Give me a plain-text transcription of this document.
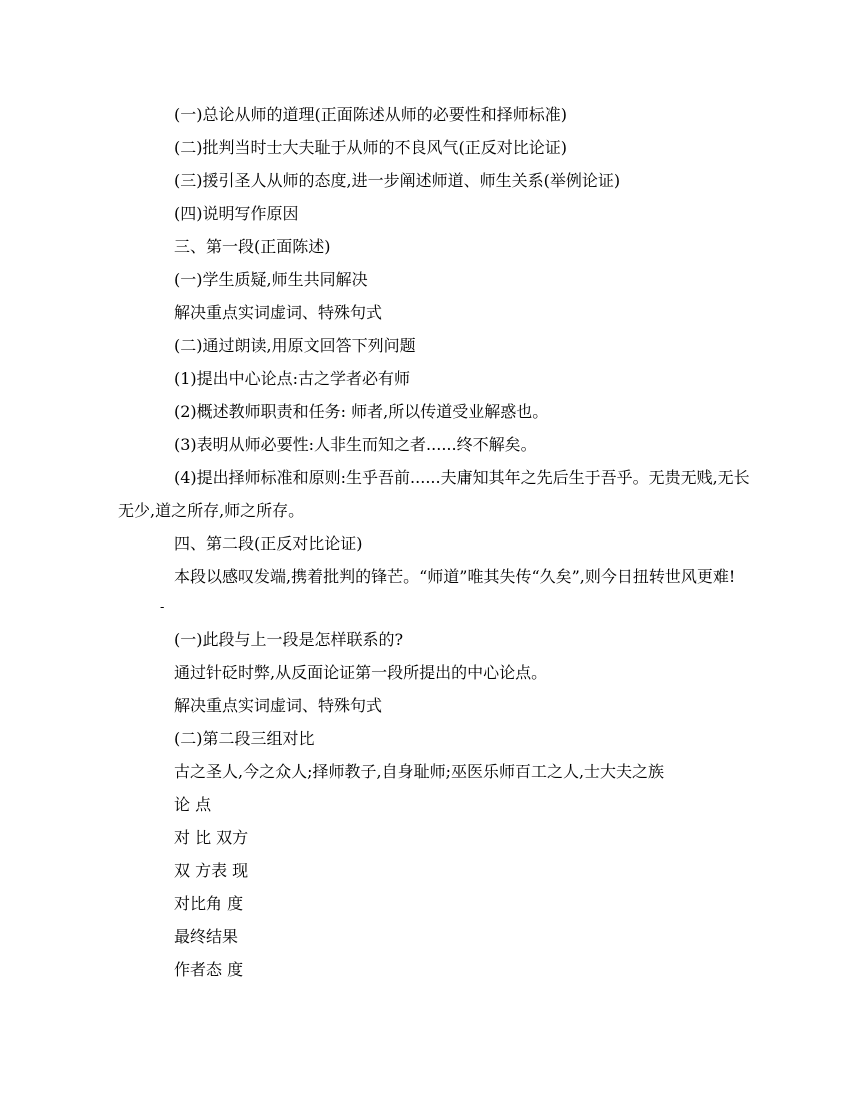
(一)总论从师的道理(正面陈述从师的必要性和择师标准)

(二)批判当时士大夫耻于从师的不良风气(正反对比论证)

(三)援引圣人从师的态度,进一步阐述师道、师生关系(举例论证)

(四)说明写作原因

三、第一段(正面陈述)

(一)学生质疑,师生共同解决

解决重点实词虚词、特殊句式

(二)通过朗读,用原文回答下列问题

(1)提出中心论点:古之学者必有师

(2)概述教师职责和任务: 师者,所以传道受业解惑也。

(3)表明从师必要性:人非生而知之者......终不解矣。

(4)提出择师标准和原则:生乎吾前......夫庸知其年之先后生于吾乎。无贵无贱,无长无少,道之所存,师之所存。

四、第二段(正反对比论证)

本段以感叹发端,携着批判的锋芒。“师道”唯其失传“久矣”,则今日扭转世风更难!

-

(一)此段与上一段是怎样联系的?

通过针砭时弊,从反面论证第一段所提出的中心论点。

解决重点实词虚词、特殊句式

(二)第二段三组对比

古之圣人,今之众人;择师教子,自身耻师;巫医乐师百工之人,士大夫之族

论 点

对 比 双方

双 方表 现

对比角 度

最终结果

作者态 度
